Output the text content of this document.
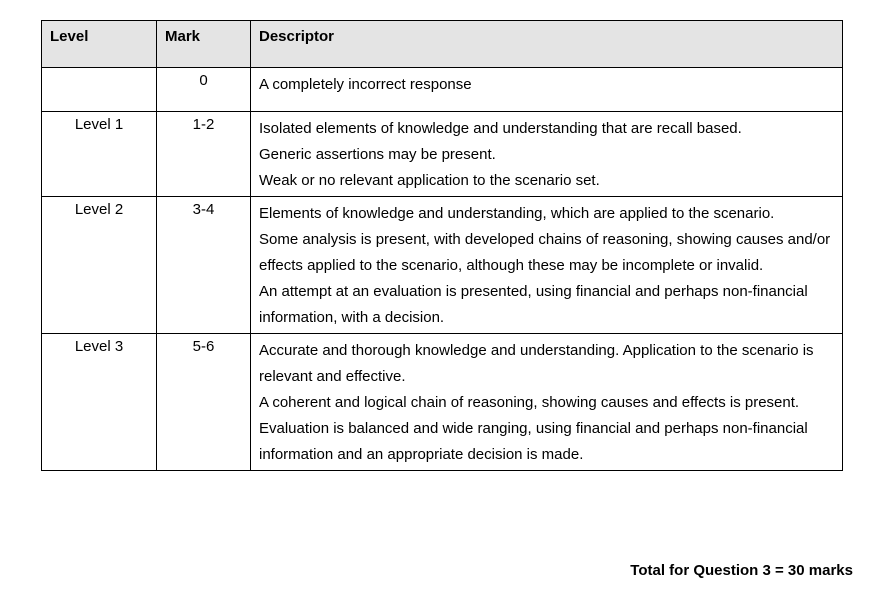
Level	Mark	Descriptor
	0	A completely incorrect response

Level 1	1-2	Isolated elements of knowledge and understanding that are recall based.
Generic assertions may be present.
Weak or no relevant application to the scenario set.

Level 2	3-4	Elements of knowledge and understanding, which are applied to the scenario.
Some analysis is present, with developed chains of reasoning, showing causes and/or effects applied to the scenario, although these may be incomplete or invalid.
An attempt at an evaluation is presented, using financial and perhaps non-financial information, with a decision.

Level 3	5-6	Accurate and thorough knowledge and understanding. Application to the scenario is relevant and effective.
A coherent and logical chain of reasoning, showing causes and effects is present.
Evaluation is balanced and wide ranging, using financial and perhaps non-financial information and an appropriate decision is made.
Total for Question 3 = 30 marks
